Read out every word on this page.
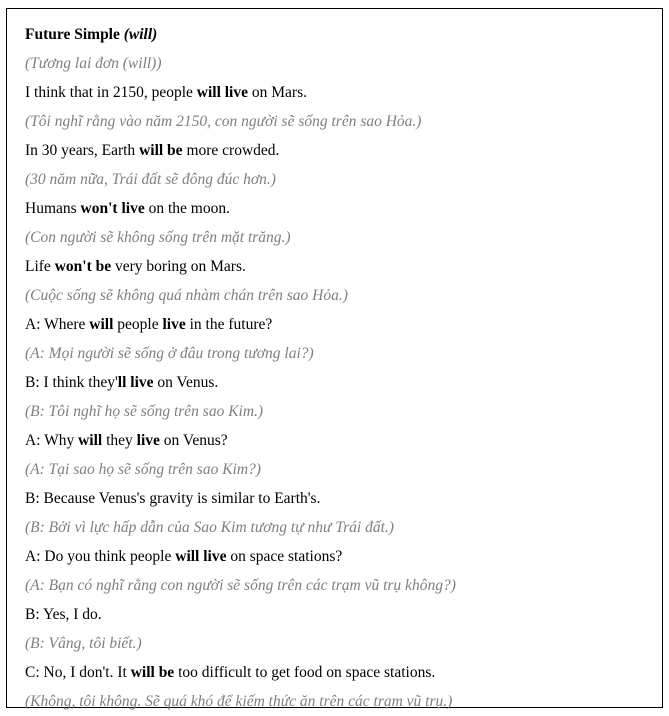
Future Simple (will)
(Tương lai đơn (will))
I think that in 2150, people will live on Mars.
(Tôi nghĩ rằng vào năm 2150, con người sẽ sống trên sao Hỏa.)
In 30 years, Earth will be more crowded.
(30 năm nữa, Trái đất sẽ đông đúc hơn.)
Humans won't live on the moon.
(Con người sẽ không sống trên mặt trăng.)
Life won't be very boring on Mars.
(Cuộc sống sẽ không quá nhàm chán trên sao Hỏa.)
A: Where will people live in the future?
(A: Mọi người sẽ sống ở đâu trong tương lai?)
B: I think they'll live on Venus.
(B: Tôi nghĩ họ sẽ sống trên sao Kim.)
A: Why will they live on Venus?
(A: Tại sao họ sẽ sống trên sao Kim?)
B: Because Venus's gravity is similar to Earth's.
(B: Bởi vì lực hấp dẫn của Sao Kim tương tự như Trái đất.)
A: Do you think people will live on space stations?
(A: Bạn có nghĩ rằng con người sẽ sống trên các trạm vũ trụ không?)
B: Yes, I do.
(B: Vâng, tôi biết.)
C: No, I don't. It will be too difficult to get food on space stations.
(Không, tôi không. Sẽ quá khó để kiếm thức ăn trên các trạm vũ trụ.)
